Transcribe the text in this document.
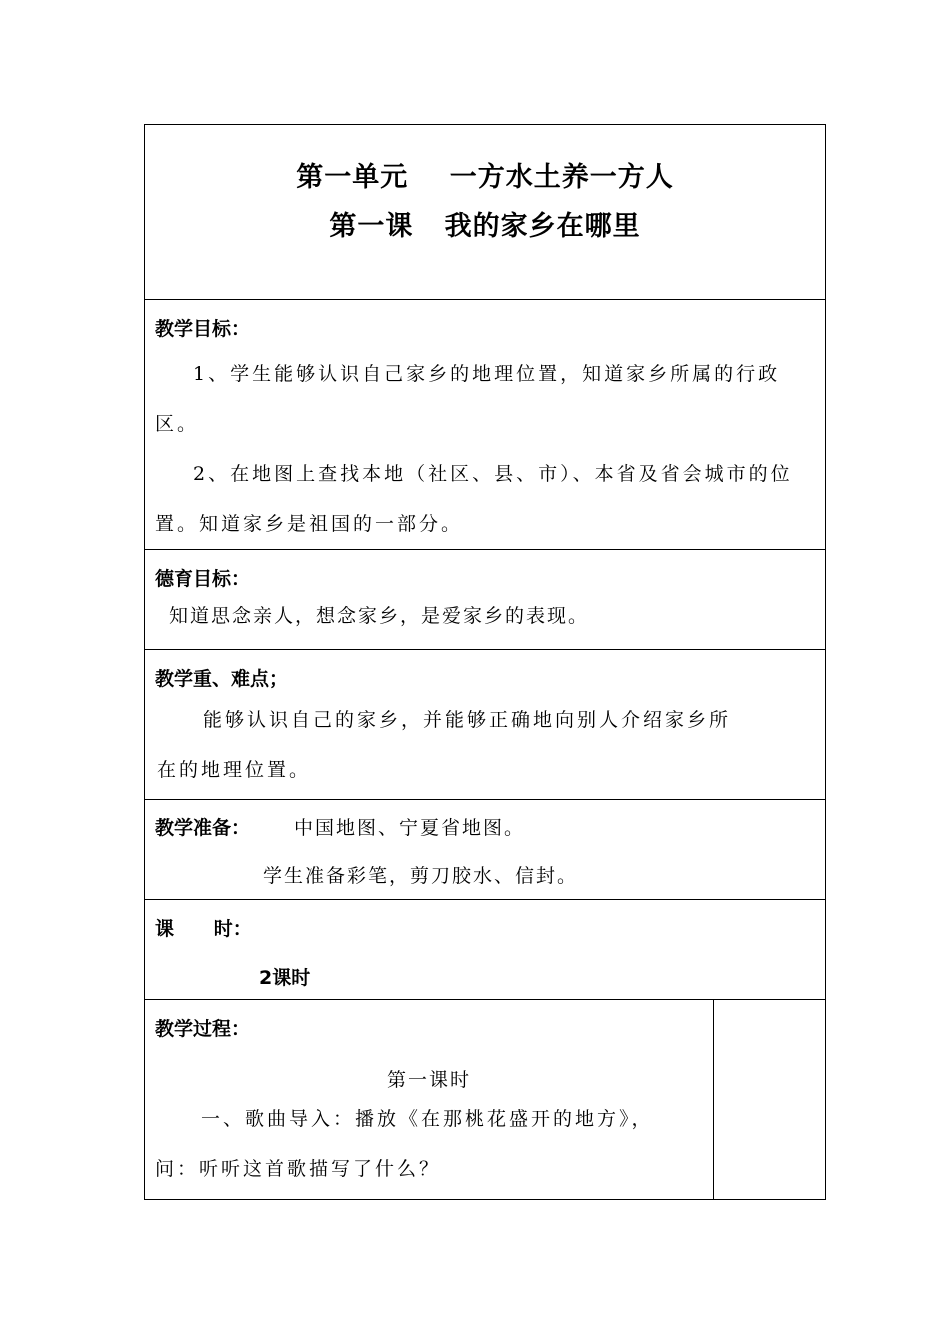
第一单元    一方水土养一方人
第一课   我的家乡在哪里

教学目标：
1、学生能够认识自己家乡的地理位置，知道家乡所属的行政区。
2、在地图上查找本地（社区、县、市）、本省及省会城市的位置。知道家乡是祖国的一部分。

德育目标：
知道思念亲人，想念家乡，是爱家乡的表现。

教学重、难点；
能够认识自己的家乡，并能够正确地向别人介绍家乡所
在的地理位置。

教学准备： 中国地图、宁夏省地图。
学生准备彩笔，剪刀胶水、信封。

课      时：
2课时

教学过程：
第一课时
一、歌曲导入：播放《在那桃花盛开的地方》，
问：听听这首歌描写了什么？
